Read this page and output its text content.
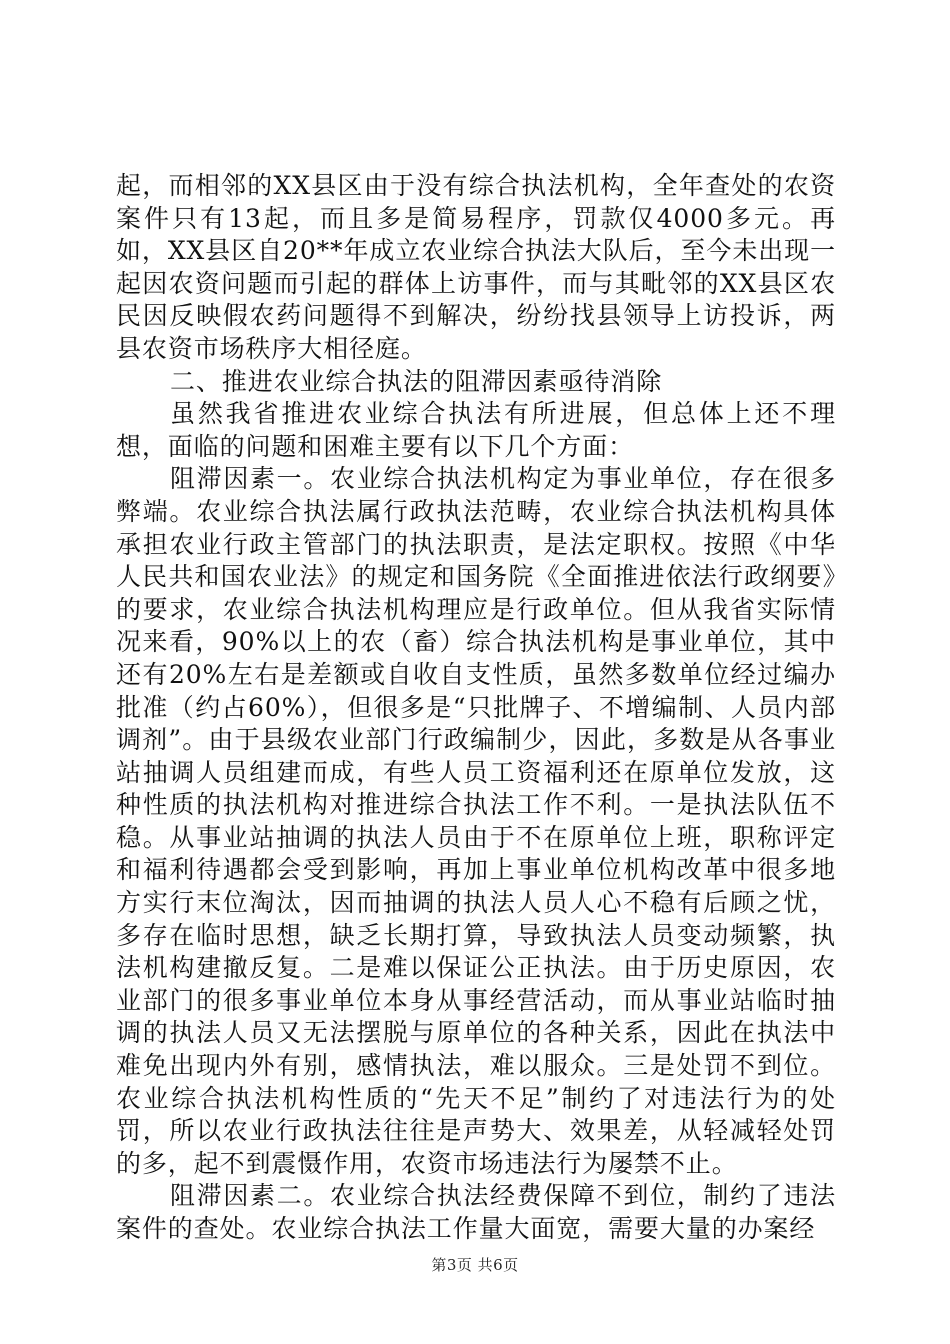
起，而相邻的XX县区由于没有综合执法机构，全年查处的农资案件只有13起，而且多是简易程序，罚款仅4000多元。再如，XX县区自20**年成立农业综合执法大队后，至今未出现一起因农资问题而引起的群体上访事件，而与其毗邻的XX县区农民因反映假农药问题得不到解决，纷纷找县领导上访投诉，两县农资市场秩序大相径庭。

二、推进农业综合执法的阻滞因素亟待消除

虽然我省推进农业综合执法有所进展，但总体上还不理想，面临的问题和困难主要有以下几个方面：

阻滞因素一。农业综合执法机构定为事业单位，存在很多弊端。农业综合执法属行政执法范畴，农业综合执法机构具体承担农业行政主管部门的执法职责，是法定职权。按照《中华人民共和国农业法》的规定和国务院《全面推进依法行政纲要》的要求，农业综合执法机构理应是行政单位。但从我省实际情况来看，90%以上的农（畜）综合执法机构是事业单位，其中还有20%左右是差额或自收自支性质，虽然多数单位经过编办批准（约占60%），但很多是“只批牌子、不增编制、人员内部调剂”。由于县级农业部门行政编制少，因此，多数是从各事业站抽调人员组建而成，有些人员工资福利还在原单位发放，这种性质的执法机构对推进综合执法工作不利。一是执法队伍不稳。从事业站抽调的执法人员由于不在原单位上班，职称评定和福利待遇都会受到影响，再加上事业单位机构改革中很多地方实行末位淘汰，因而抽调的执法人员人心不稳有后顾之忧，多存在临时思想，缺乏长期打算，导致执法人员变动频繁，执法机构建撤反复。二是难以保证公正执法。由于历史原因，农业部门的很多事业单位本身从事经营活动，而从事业站临时抽调的执法人员又无法摆脱与原单位的各种关系，因此在执法中难免出现内外有别，感情执法，难以服众。三是处罚不到位。农业综合执法机构性质的“先天不足”制约了对违法行为的处罚，所以农业行政执法往往是声势大、效果差，从轻减轻处罚的多，起不到震慑作用，农资市场违法行为屡禁不止。

阻滞因素二。农业综合执法经费保障不到位，制约了违法案件的查处。农业综合执法工作量大面宽，需要大量的办案经

第3页 共6页
